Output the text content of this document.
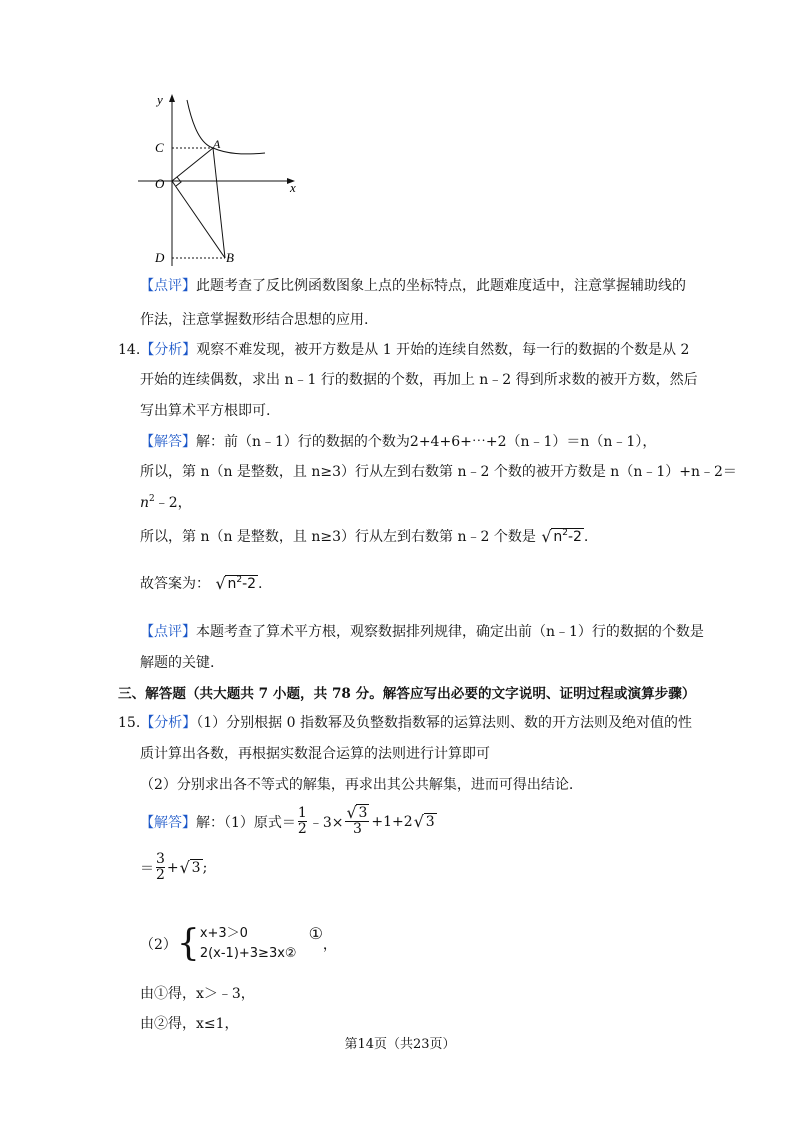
y
x
C	A
O
D	B
【点评】此题考查了反比例函数图象上点的坐标特点，此题难度适中，注意掌握辅助线的
作法，注意掌握数形结合思想的应用.
14.【分析】观察不难发现，被开方数是从 1 开始的连续自然数，每一行的数据的个数是从 2
开始的连续偶数，求出 n﹣1 行的数据的个数，再加上 n﹣2 得到所求数的被开方数，然后
写出算术平方根即可.
【解答】解：前（n﹣1）行的数据的个数为2+4+6+⋯+2（n﹣1）＝n（n﹣1），
所以，第 n（n 是整数，且 n≥3）行从左到右数第 n﹣2 个数的被开方数是 n（n﹣1）+n﹣2＝
$n^2﹣2$，
所以，第 n（n 是整数，且 n≥3）行从左到右数第 n﹣2 个数是 √ $n^2-2$ .
故答案为： √ $n^2-2$ .
【点评】本题考查了算术平方根，观察数据排列规律，确定出前（n﹣1）行的数据的个数是
解题的关键.
三、解答题（共大题共 7 小题，共 78 分。解答应写出必要的文字说明、证明过程或演算步骤）
15.【分析】（1）分别根据 0 指数幂及负整数指数幂的运算法则、数的开方法则及绝对值的性
质计算出各数，再根据实数混合运算的法则进行计算即可
（2）分别求出各不等式的解集，再求出其公共解集，进而可得出结论.
【解答】 解：（1）原式＝ $\frac{1}{2}$ ﹣3× $\frac{√ 3}{3} +1+2$ √ 3
＝ $\frac{3}{2}$ + √ 3 ;
（2） { x+3＞0
2(x-1)+3≥3x②
①
，
由①得，x＞﹣3，
由②得，x≤1，
第14页（共23页）
